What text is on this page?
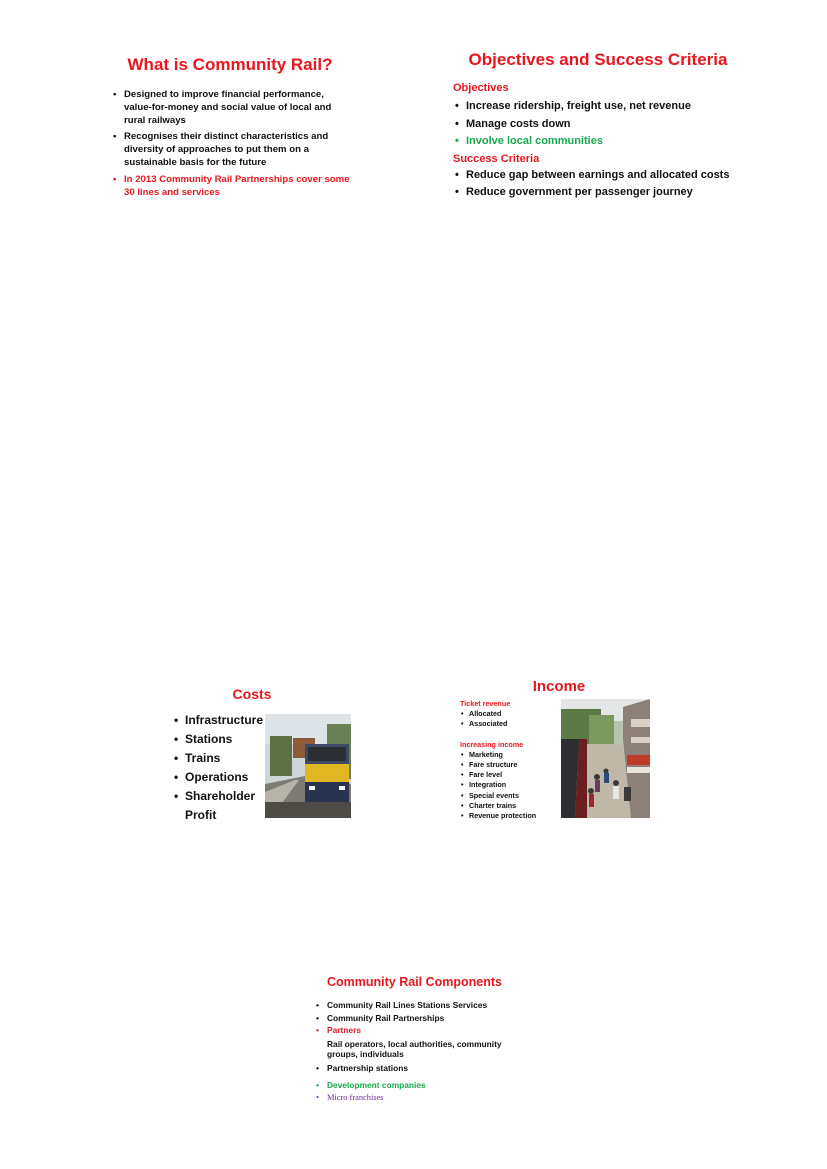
What is Community Rail?
• Designed to improve financial performance, value-for-money and social value of local and rural railways
• Recognises their distinct characteristics and diversity of approaches to put them on a sustainable basis for the future
• In 2013 Community Rail Partnerships cover some 30 lines and services
Objectives and Success Criteria
Objectives
• Increase ridership, freight use, net revenue
• Manage costs down
• Involve local communities
Success Criteria
• Reduce gap between earnings and allocated costs
• Reduce government per passenger journey
Costs
• Infrastructure
• Stations
• Trains
• Operations
• Shareholder
Profit
Income
Ticket revenue
• Allocated
• Associated
Increasing income
• Marketing
• Fare structure
• Fare level
• Integration
• Special events
• Charter trains
• Revenue protection
Community Rail Components
• Community Rail Lines Stations Services
• Community Rail Partnerships
• Partners
Rail operators, local authorities, community groups, individuals
• Partnership stations
• Development companies
• Micro franchises
